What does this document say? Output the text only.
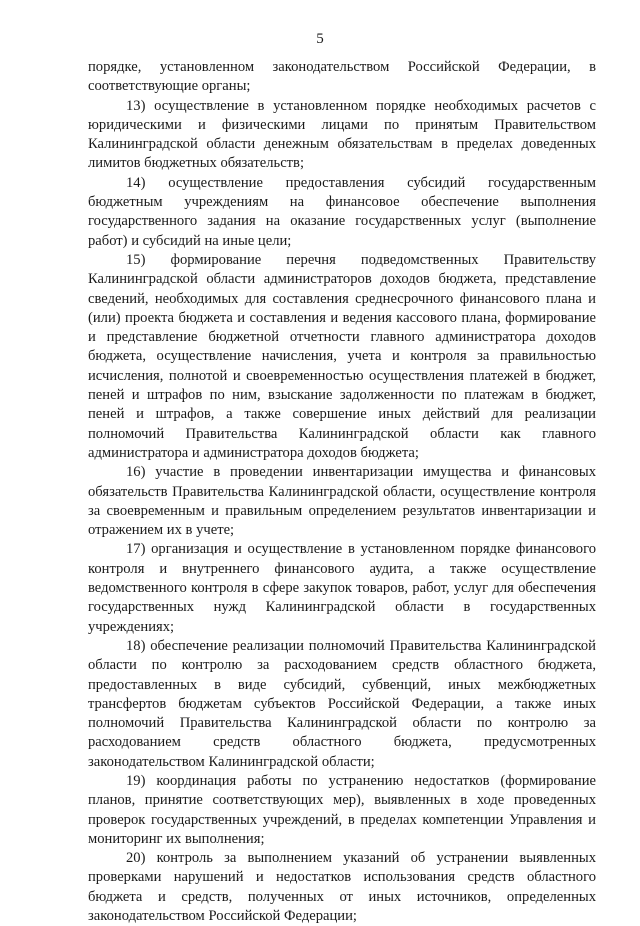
5

порядке, установленном законодательством Российской Федерации, в соответствующие органы;

13) осуществление в установленном порядке необходимых расчетов с юридическими и физическими лицами по принятым Правительством Калининградской области денежным обязательствам в пределах доведенных лимитов бюджетных обязательств;

14) осуществление предоставления субсидий государственным бюджетным учреждениям на финансовое обеспечение выполнения государственного задания на оказание государственных услуг (выполнение работ) и субсидий на иные цели;

15) формирование перечня подведомственных Правительству Калининградской области администраторов доходов бюджета, представление сведений, необходимых для составления среднесрочного финансового плана и (или) проекта бюджета и составления и ведения кассового плана, формирование и представление бюджетной отчетности главного администратора доходов бюджета, осуществление начисления, учета и контроля за правильностью исчисления, полнотой и своевременностью осуществления платежей в бюджет, пеней и штрафов по ним, взыскание задолженности по платежам в бюджет, пеней и штрафов, а также совершение иных действий для реализации полномочий Правительства Калининградской области как главного администратора и администратора доходов бюджета;

16) участие в проведении инвентаризации имущества и финансовых обязательств Правительства Калининградской области, осуществление контроля за своевременным и правильным определением результатов инвентаризации и отражением их в учете;

17) организация и осуществление в установленном порядке финансового контроля и внутреннего финансового аудита, а также осуществление ведомственного контроля в сфере закупок товаров, работ, услуг для обеспечения государственных нужд Калининградской области в государственных учреждениях;

18) обеспечение реализации полномочий Правительства Калининградской области по контролю за расходованием средств областного бюджета, предоставленных в виде субсидий, субвенций, иных межбюджетных трансфертов бюджетам субъектов Российской Федерации, а также иных полномочий Правительства Калининградской области по контролю за расходованием средств областного бюджета, предусмотренных законодательством Калининградской области;

19) координация работы по устранению недостатков (формирование планов, принятие соответствующих мер), выявленных в ходе проведенных проверок государственных учреждений, в пределах компетенции Управления и мониторинг их выполнения;

20) контроль за выполнением указаний об устранении выявленных проверками нарушений и недостатков использования средств областного бюджета и средств, полученных от иных источников, определенных законодательством Российской Федерации;
